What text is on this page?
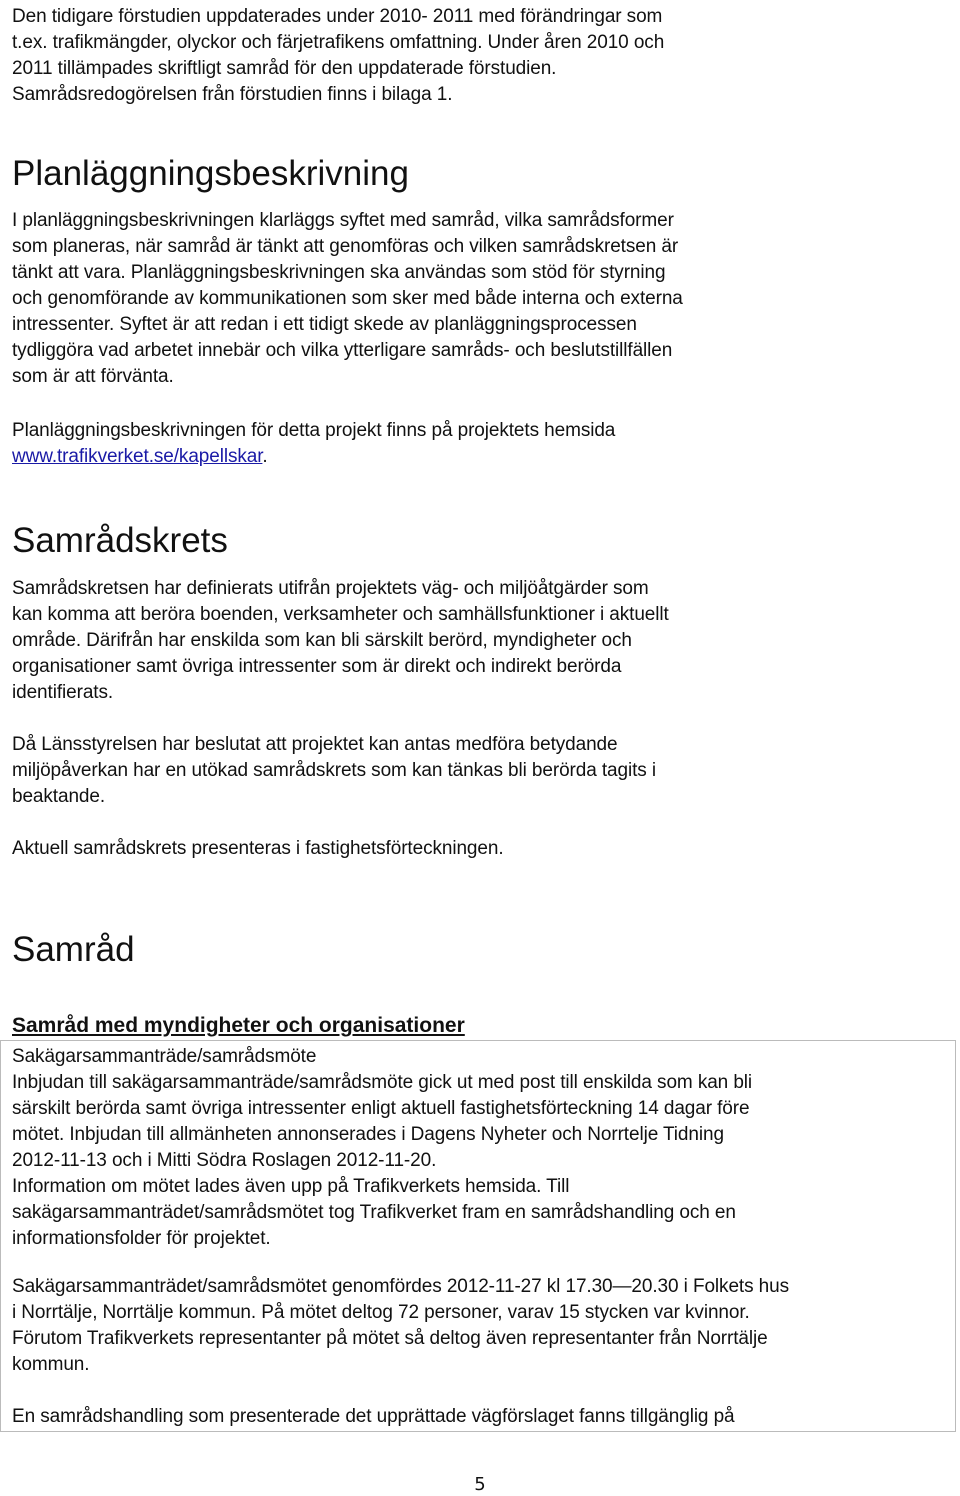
Den tidigare förstudien uppdaterades under 2010- 2011 med förändringar som
t.ex. trafikmängder, olyckor och färjetrafikens omfattning. Under åren 2010 och
2011 tillämpades skriftligt samråd för den uppdaterade förstudien.
Samrådsredogörelsen från förstudien finns i bilaga 1.

Planläggningsbeskrivning

I planläggningsbeskrivningen klarläggs syftet med samråd, vilka samrådsformer
som planeras, när samråd är tänkt att genomföras och vilken samrådskretsen är
tänkt att vara. Planläggningsbeskrivningen ska användas som stöd för styrning
och genomförande av kommunikationen som sker med både interna och externa
intressenter. Syftet är att redan i ett tidigt skede av planläggningsprocessen
tydliggöra vad arbetet innebär och vilka ytterligare samråds- och beslutstillfällen
som är att förvänta.

Planläggningsbeskrivningen för detta projekt finns på projektets hemsida
www.trafikverket.se/kapellskar.

Samrådskrets

Samrådskretsen har definierats utifrån projektets väg- och miljöåtgärder som
kan komma att beröra boenden, verksamheter och samhällsfunktioner i aktuellt
område. Därifrån har enskilda som kan bli särskilt berörd, myndigheter och
organisationer samt övriga intressenter som är direkt och indirekt berörda
identifierats.

Då Länsstyrelsen har beslutat att projektet kan antas medföra betydande
miljöpåverkan har en utökad samrådskrets som kan tänkas bli berörda tagits i
beaktande.

Aktuell samrådskrets presenteras i fastighetsförteckningen.

Samråd
Samråd med myndigheter och organisationer

Sakägarsammanträde/samrådsmöte
Inbjudan till sakägarsammanträde/samrådsmöte gick ut med post till enskilda som kan bli
särskilt berörda samt övriga intressenter enligt aktuell fastighetsförteckning 14 dagar före
mötet. Inbjudan till allmänheten annonserades i Dagens Nyheter och Norrtelje Tidning
2012-11-13 och i Mitti Södra Roslagen 2012-11-20.
Information om mötet lades även upp på Trafikverkets hemsida. Till
sakägarsammanträdet/samrådsmötet tog Trafikverket fram en samrådshandling och en
informationsfolder för projektet.

Sakägarsammanträdet/samrådsmötet genomfördes 2012-11-27 kl 17.30—20.30 i Folkets hus
i Norrtälje, Norrtälje kommun. På mötet deltog 72 personer, varav 15 stycken var kvinnor.
Förutom Trafikverkets representanter på mötet så deltog även representanter från Norrtälje
kommun.

En samrådshandling som presenterade det upprättade vägförslaget fanns tillgänglig på

5
